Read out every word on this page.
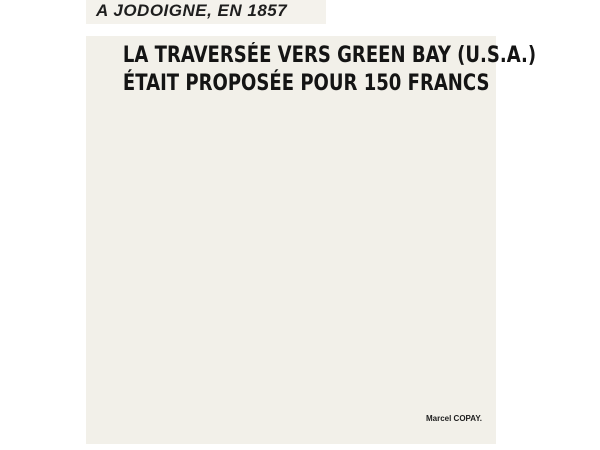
A JODOIGNE, EN 1857
LA TRAVERSÉE VERS GREEN BAY (U.S.A.)
ÉTAIT PROPOSÉE POUR 150 FRANCS

Marcel COPAY.
